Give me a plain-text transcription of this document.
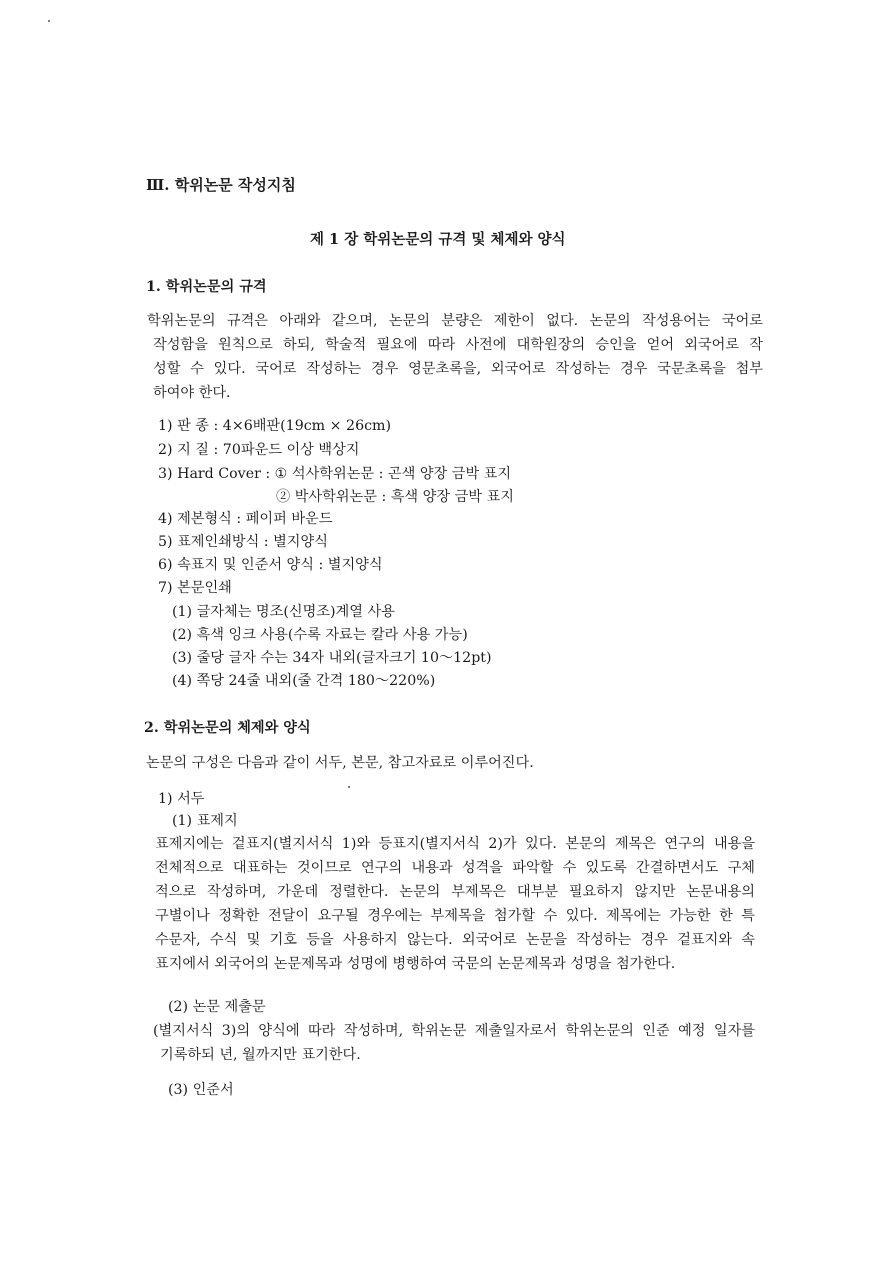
Ⅲ. 학위논문 작성지침
제 1 장 학위논문의 규격 및 체제와 양식
1. 학위논문의 규격
학위논문의 규격은 아래와 같으며, 논문의 분량은 제한이 없다. 논문의 작성용어는 국어로
작성함을 원칙으로 하되, 학술적 필요에 따라 사전에 대학원장의 승인을 얻어 외국어로 작
성할 수 있다. 국어로 작성하는 경우 영문초록을, 외국어로 작성하는 경우 국문초록을 첨부
하여야 한다.
1) 판 종 : 4×6배판(19cm × 26cm)
2) 지 질 : 70파운드 이상 백상지
3) Hard Cover : ① 석사학위논문 : 곤색 양장 금박 표지
② 박사학위논문 : 흑색 양장 금박 표지
4) 제본형식 : 페이퍼 바운드
5) 표제인쇄방식 : 별지양식
6) 속표지 및 인준서 양식 : 별지양식
7) 본문인쇄
(1) 글자체는 명조(신명조)계열 사용
(2) 흑색 잉크 사용(수록 자료는 칼라 사용 가능)
(3) 줄당 글자 수는 34자 내외(글자크기 10～12pt)
(4) 쪽당 24줄 내외(줄 간격 180～220%)
2. 학위논문의 체제와 양식
논문의 구성은 다음과 같이 서두, 본문, 참고자료로 이루어진다.
1) 서두
(1) 표제지
표제지에는 겉표지(별지서식 1)와 등표지(별지서식 2)가 있다. 본문의 제목은 연구의 내용을
전체적으로 대표하는 것이므로 연구의 내용과 성격을 파악할 수 있도록 간결하면서도 구체
적으로 작성하며, 가운데 정렬한다. 논문의 부제목은 대부분 필요하지 않지만 논문내용의
구별이나 정확한 전달이 요구될 경우에는 부제목을 첨가할 수 있다. 제목에는 가능한 한 특
수문자, 수식 및 기호 등을 사용하지 않는다. 외국어로 논문을 작성하는 경우 겉표지와 속
표지에서 외국어의 논문제목과 성명에 병행하여 국문의 논문제목과 성명을 첨가한다.
(2) 논문 제출문
(별지서식 3)의 양식에 따라 작성하며, 학위논문 제출일자로서 학위논문의 인준 예정 일자를
기록하되 년, 월까지만 표기한다.
(3) 인준서
